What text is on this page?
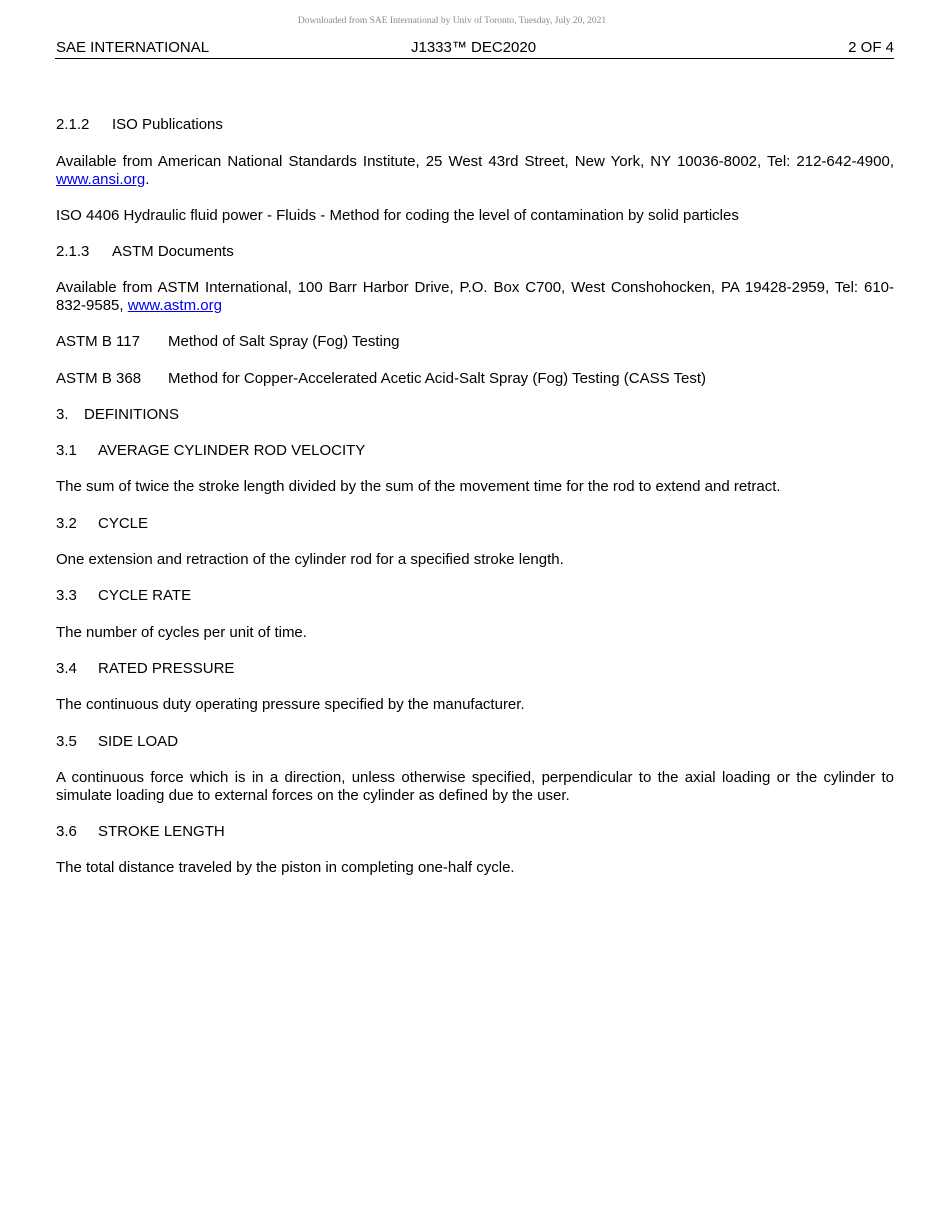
Downloaded from SAE International by Univ of Toronto, Tuesday, July 20, 2021
SAE INTERNATIONAL	J1333™ DEC2020	2 OF 4

2.1.2 ISO Publications

Available from American National Standards Institute, 25 West 43rd Street, New York, NY 10036-8002, Tel: 212-642-4900, www.ansi.org.

ISO 4406 Hydraulic fluid power - Fluids - Method for coding the level of contamination by solid particles

2.1.3 ASTM Documents

Available from ASTM International, 100 Barr Harbor Drive, P.O. Box C700, West Conshohocken, PA 19428-2959, Tel: 610-832-9585, www.astm.org

ASTM B 117 Method of Salt Spray (Fog) Testing

ASTM B 368 Method for Copper-Accelerated Acetic Acid-Salt Spray (Fog) Testing (CASS Test)

3. DEFINITIONS

3.1 AVERAGE CYLINDER ROD VELOCITY

The sum of twice the stroke length divided by the sum of the movement time for the rod to extend and retract.

3.2 CYCLE

One extension and retraction of the cylinder rod for a specified stroke length.

3.3 CYCLE RATE

The number of cycles per unit of time.

3.4 RATED PRESSURE

The continuous duty operating pressure specified by the manufacturer.

3.5 SIDE LOAD

A continuous force which is in a direction, unless otherwise specified, perpendicular to the axial loading or the cylinder to simulate loading due to external forces on the cylinder as defined by the user.

3.6 STROKE LENGTH

The total distance traveled by the piston in completing one-half cycle.
